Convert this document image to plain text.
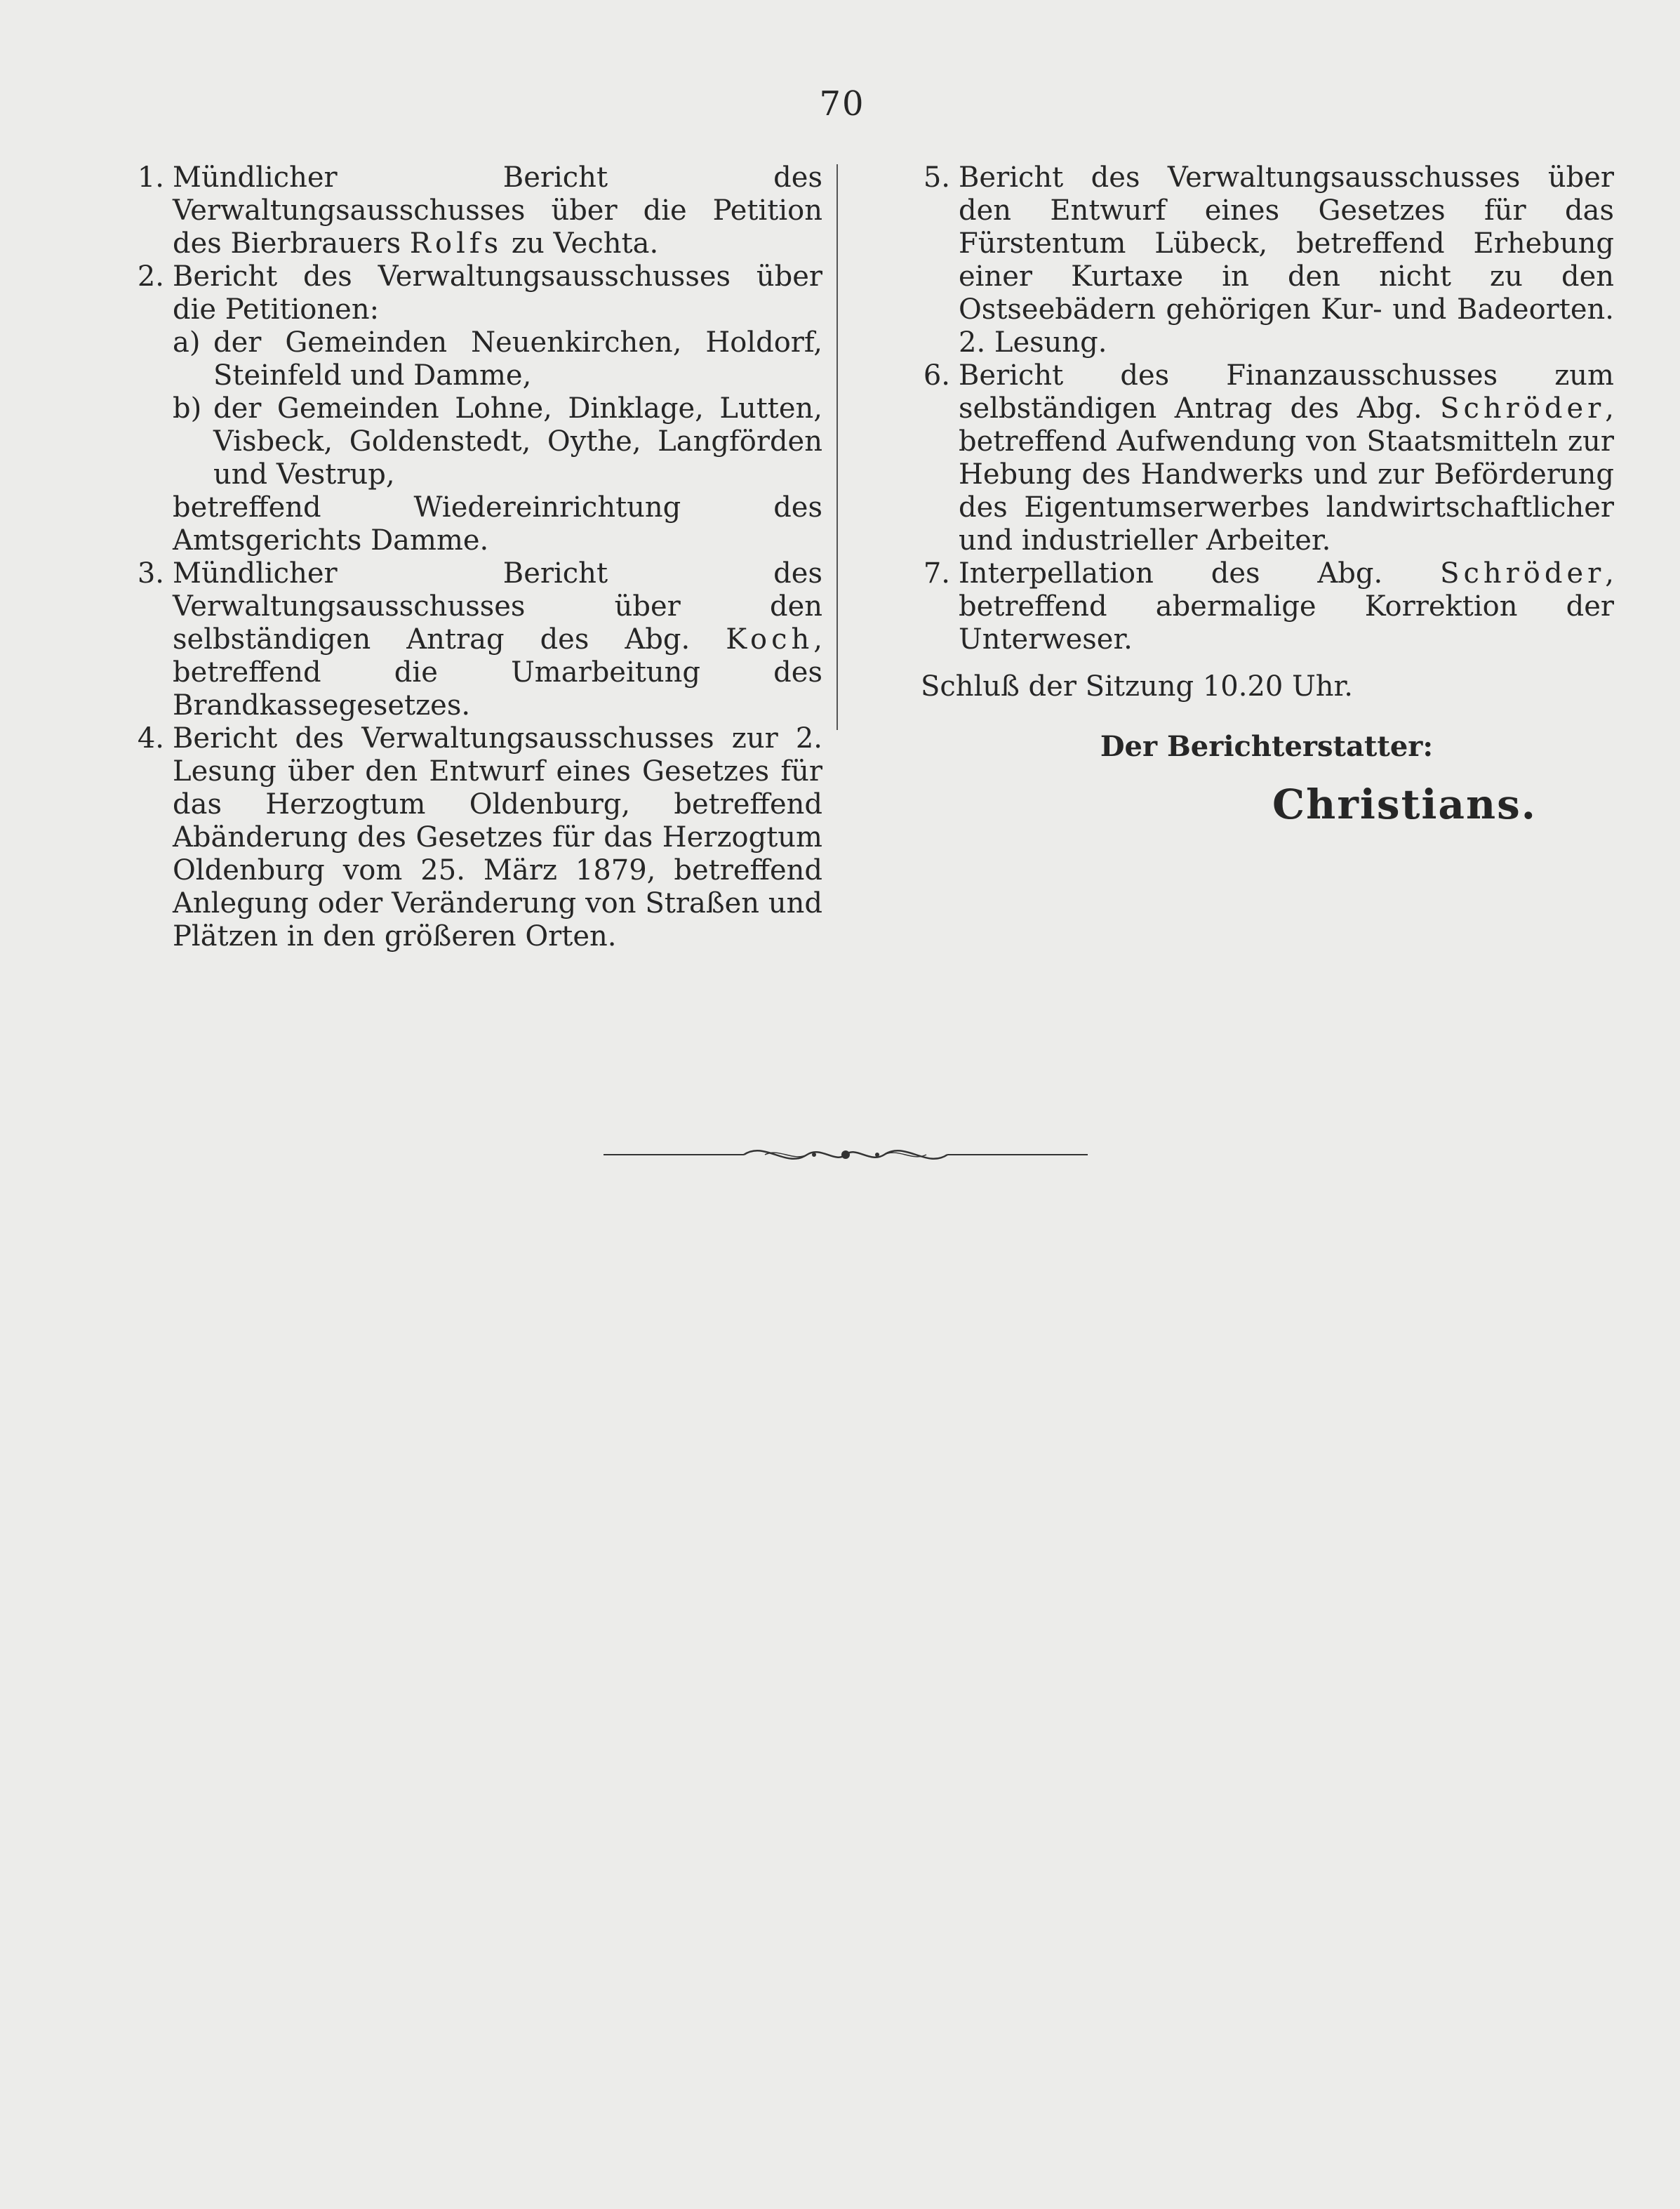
70
1. Mündlicher Bericht des Verwaltungsausschusses über die Petition des Bierbrauers Rolfs zu Vechta.
2. Bericht des Verwaltungsausschusses über die Petitionen:
a) der Gemeinden Neuenkirchen, Holdorf, Steinfeld und Damme,
b) der Gemeinden Lohne, Dinklage, Lutten, Visbeck, Goldenstedt, Oythe, Langförden und Vestrup,
betreffend Wiedereinrichtung des Amtsgerichts Damme.
3. Mündlicher Bericht des Verwaltungsausschusses über den selbständigen Antrag des Abg. Koch, betreffend die Umarbeitung des Brandkassegesetzes.
4. Bericht des Verwaltungsausschusses zur 2. Lesung über den Entwurf eines Gesetzes für das Herzogtum Oldenburg, betreffend Abänderung des Gesetzes für das Herzogtum Oldenburg vom 25. März 1879, betreffend Anlegung oder Veränderung von Straßen und Plätzen in den größeren Orten.
5. Bericht des Verwaltungsausschusses über den Entwurf eines Gesetzes für das Fürstentum Lübeck, betreffend Erhebung einer Kurtaxe in den nicht zu den Ostseebädern gehörigen Kur- und Badeorten. 2. Lesung.
6. Bericht des Finanzausschusses zum selbständigen Antrag des Abg. Schröder, betreffend Aufwendung von Staatsmitteln zur Hebung des Handwerks und zur Beförderung des Eigentumserwerbes landwirtschaftlicher und industrieller Arbeiter.
7. Interpellation des Abg. Schröder, betreffend abermalige Korrektion der Unterweser.
Schluß der Sitzung 10.20 Uhr.
Der Berichterstatter:
Christians.
